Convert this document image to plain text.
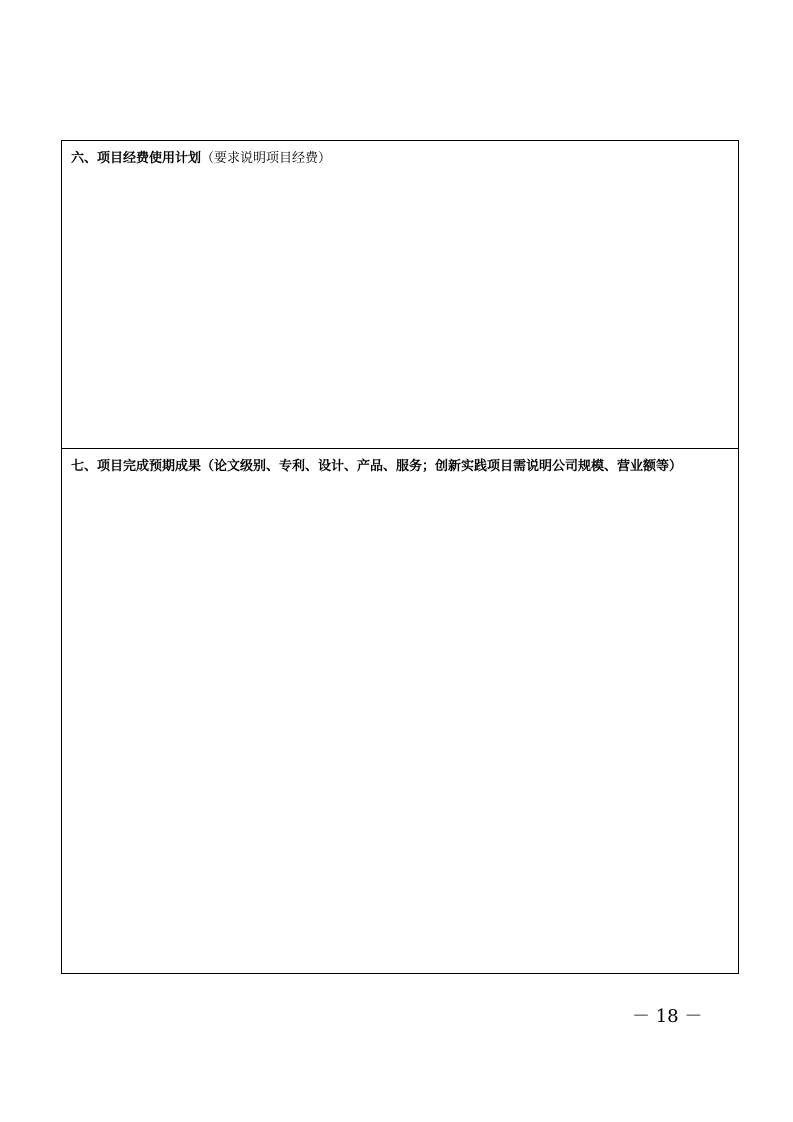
六、项目经费使用计划（要求说明项目经费）
七、项目完成预期成果（论文级别、专利、设计、产品、服务；创新实践项目需说明公司规模、营业额等）
－ 18 －
